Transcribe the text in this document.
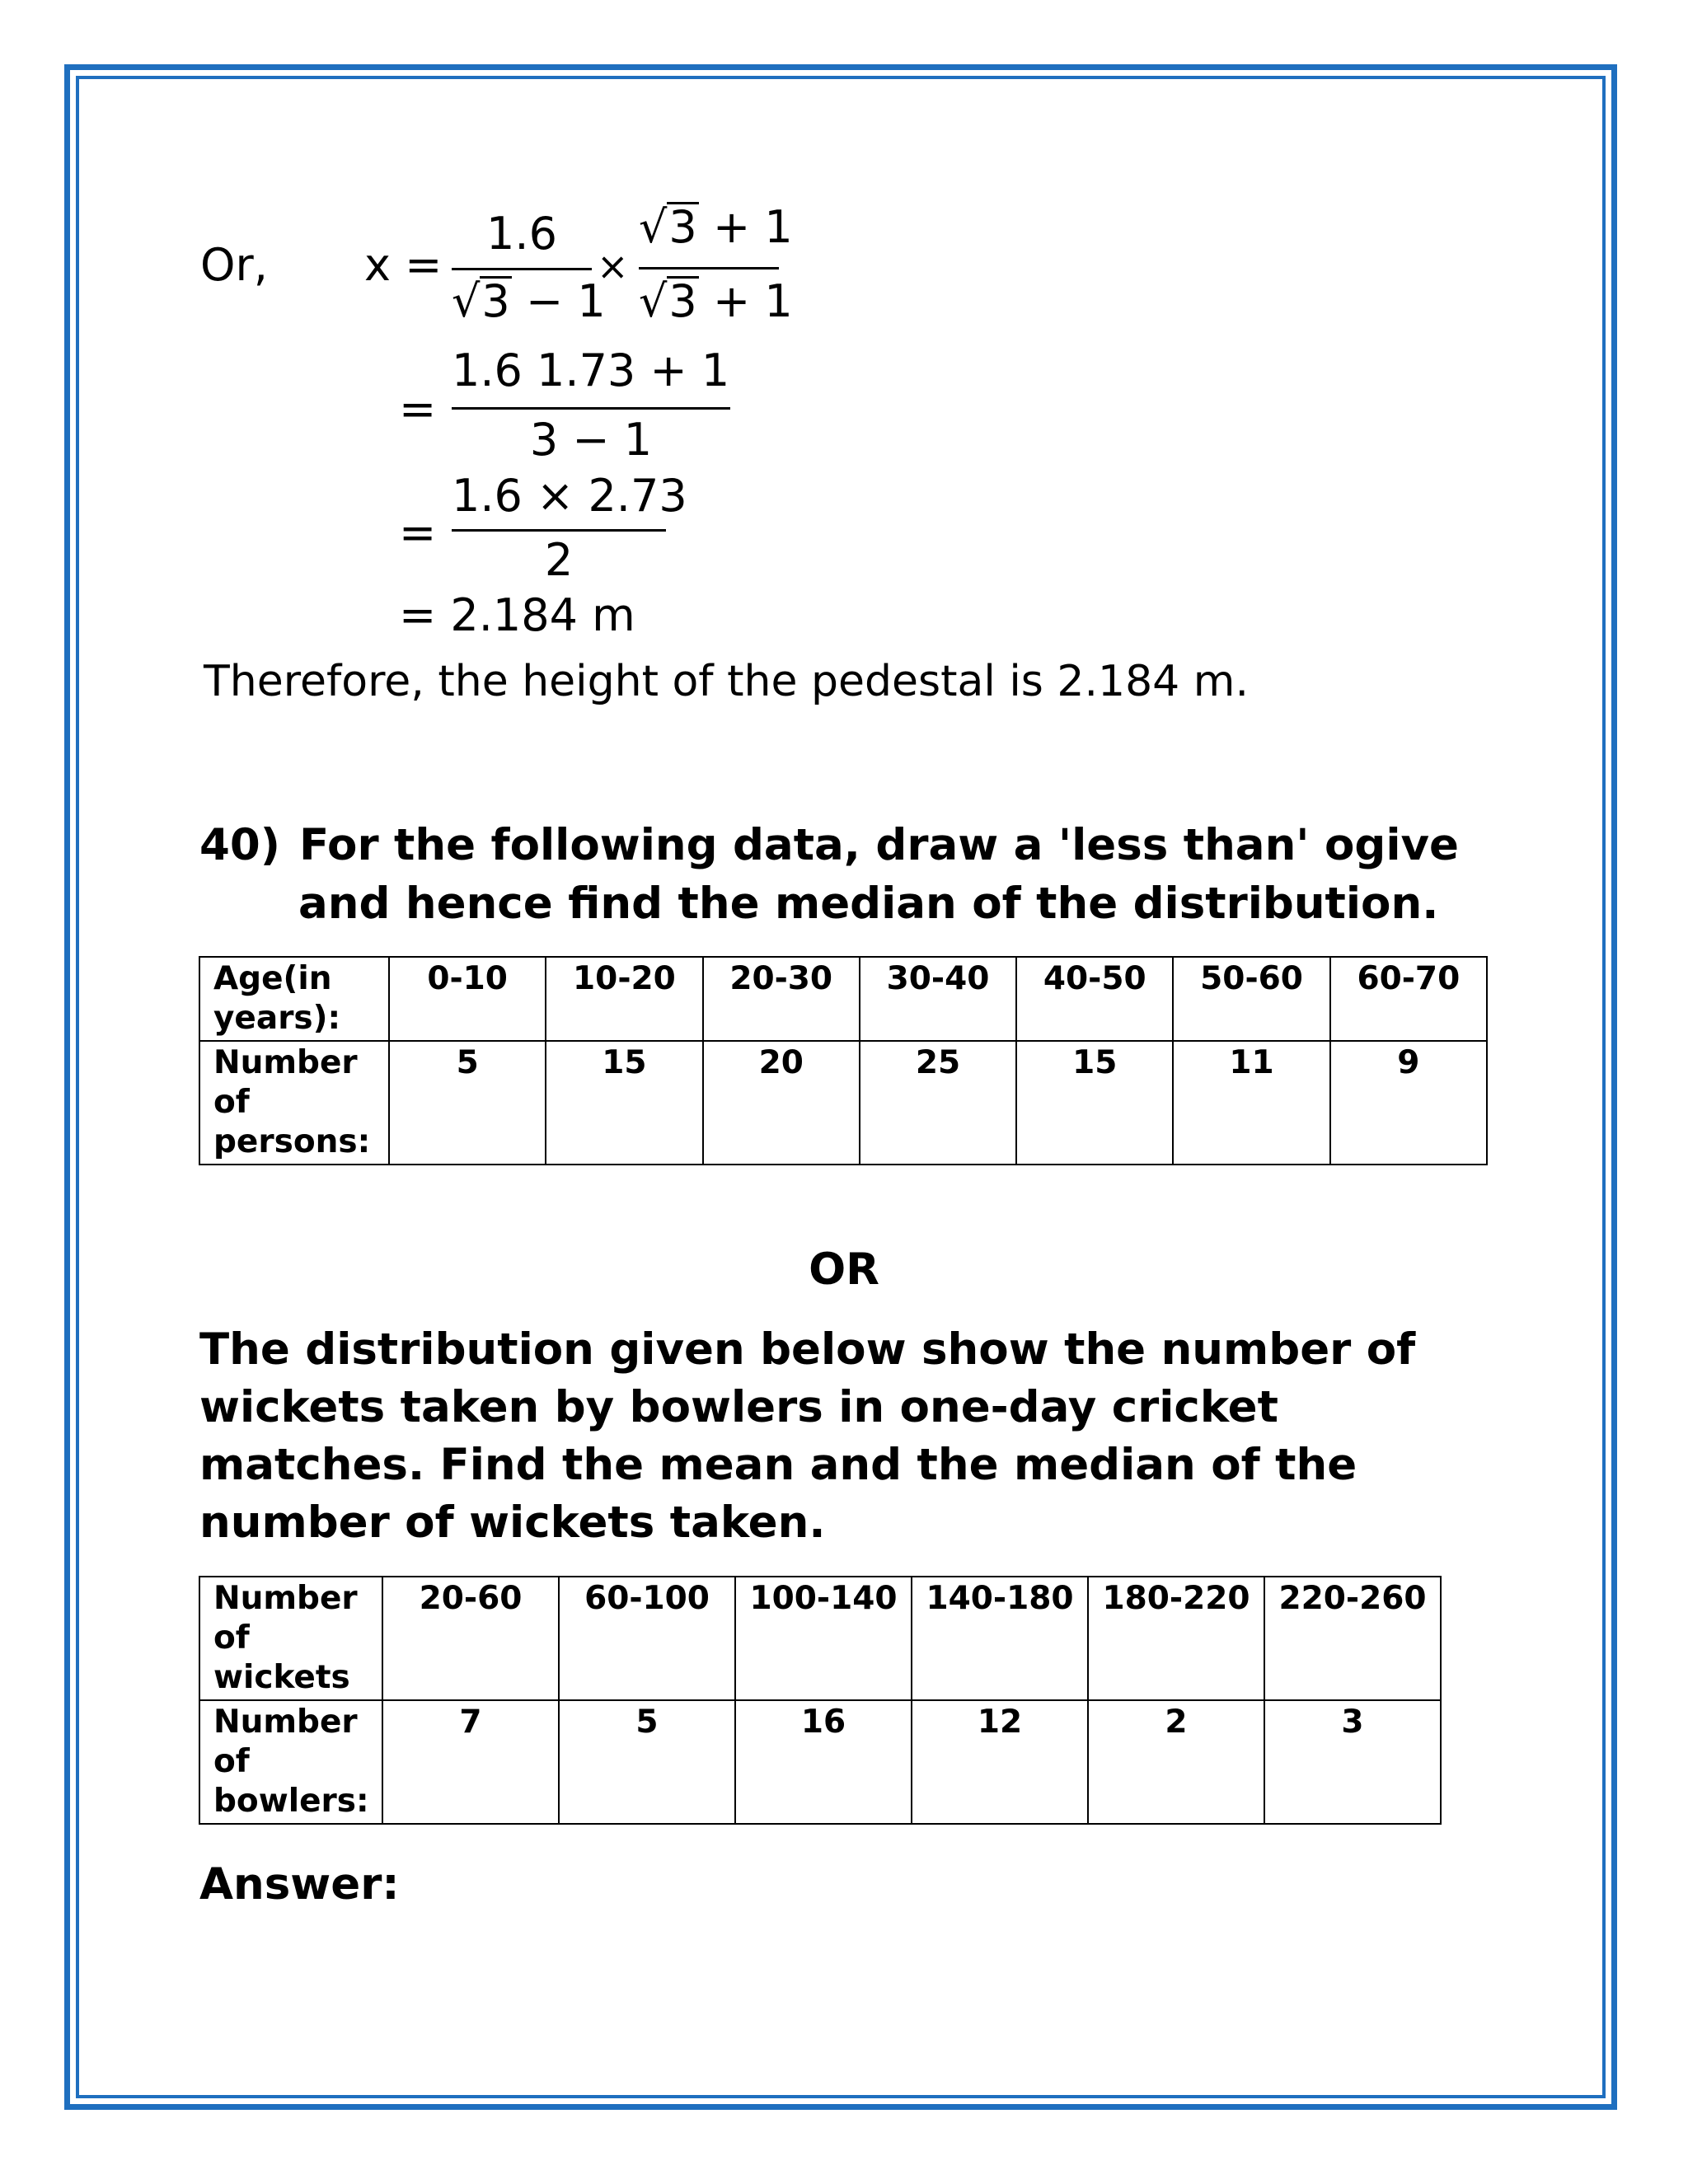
Or, x =
1.6
√3 − 1
×
√3 + 1
√3 + 1
=
1.6 1.73 + 1
3 − 1
=
1.6 × 2.73
2
= 2.184 m
Therefore, the height of the pedestal is 2.184 m.
40) For the following data, draw a 'less than' ogive
and hence find the median of the distribution.
Age(in years):	0-10	10-20	20-30	30-40	40-50	50-60	60-70
Number of persons:	5	15	20	25	15	11	9
OR
The distribution given below show the number of
wickets taken by bowlers in one-day cricket
matches. Find the mean and the median of the
number of wickets taken.
Number of wickets	20-60	60-100	100-140	140-180	180-220	220-260
Number of bowlers:	7	5	16	12	2	3
Answer:
